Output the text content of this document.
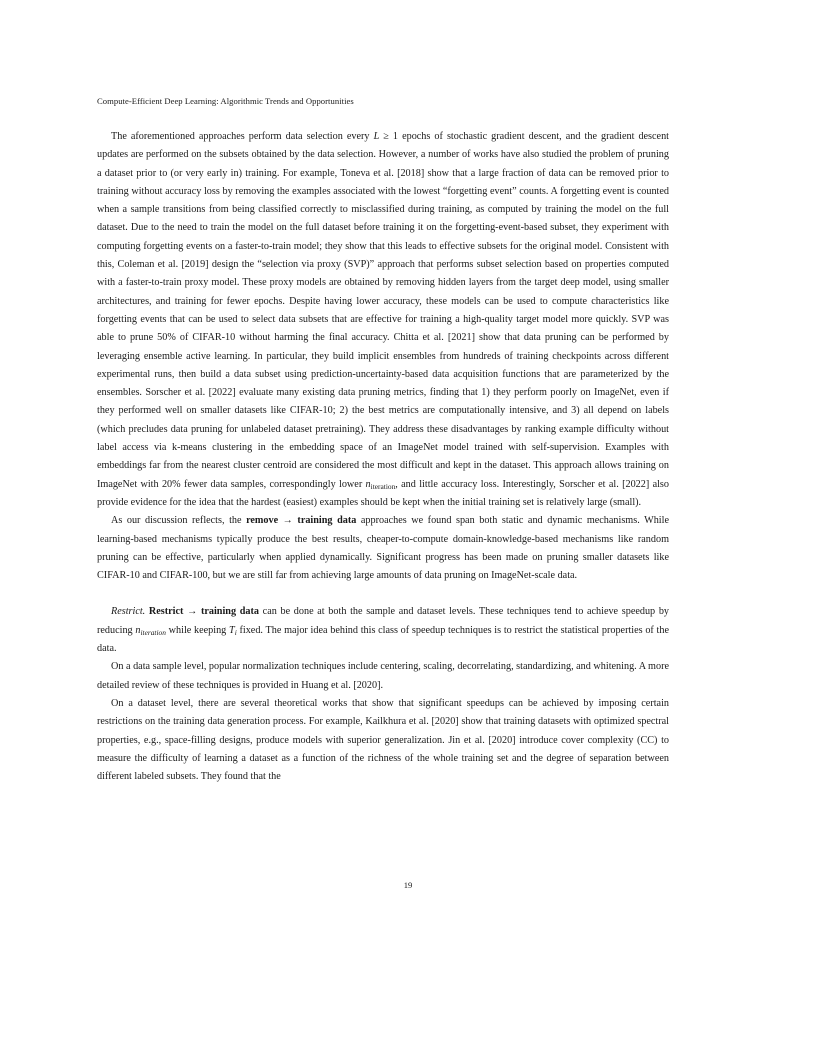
Compute-Efficient Deep Learning: Algorithmic Trends and Opportunities

The aforementioned approaches perform data selection every L ≥ 1 epochs of stochastic gradient descent, and the gradient descent updates are performed on the subsets obtained by the data selection. However, a number of works have also studied the problem of pruning a dataset prior to (or very early in) training. For example, Toneva et al. [2018] show that a large fraction of data can be removed prior to training without accuracy loss by removing the examples associated with the lowest “forgetting event” counts. A forgetting event is counted when a sample transitions from being classified correctly to misclassified during training, as computed by training the model on the full dataset. Due to the need to train the model on the full dataset before training it on the forgetting-event-based subset, they experiment with computing forgetting events on a faster-to-train model; they show that this leads to effective subsets for the original model. Consistent with this, Coleman et al. [2019] design the “selection via proxy (SVP)” approach that performs subset selection based on properties computed with a faster-to-train proxy model. These proxy models are obtained by removing hidden layers from the target deep model, using smaller architectures, and training for fewer epochs. Despite having lower accuracy, these models can be used to compute characteristics like forgetting events that can be used to select data subsets that are effective for training a high-quality target model more quickly. SVP was able to prune 50% of CIFAR-10 without harming the final accuracy. Chitta et al. [2021] show that data pruning can be performed by leveraging ensemble active learning. In particular, they build implicit ensembles from hundreds of training checkpoints across different experimental runs, then build a data subset using prediction-uncertainty-based data acquisition functions that are parameterized by the ensembles. Sorscher et al. [2022] evaluate many existing data pruning metrics, finding that 1) they perform poorly on ImageNet, even if they performed well on smaller datasets like CIFAR-10; 2) the best metrics are computationally intensive, and 3) all depend on labels (which precludes data pruning for unlabeled dataset pretraining). They address these disadvantages by ranking example difficulty without label access via k-means clustering in the embedding space of an ImageNet model trained with self-supervision. Examples with embeddings far from the nearest cluster centroid are considered the most difficult and kept in the dataset. This approach allows training on ImageNet with 20% fewer data samples, correspondingly lower niteration, and little accuracy loss. Interestingly, Sorscher et al. [2022] also provide evidence for the idea that the hardest (easiest) examples should be kept when the initial training set is relatively large (small).

As our discussion reflects, the remove → training data approaches we found span both static and dynamic mechanisms. While learning-based mechanisms typically produce the best results, cheaper-to-compute domain-knowledge-based mechanisms like random pruning can be effective, particularly when applied dynamically. Significant progress has been made on pruning smaller datasets like CIFAR-10 and CIFAR-100, but we are still far from achieving large amounts of data pruning on ImageNet-scale data.

Restrict. Restrict → training data can be done at both the sample and dataset levels. These techniques tend to achieve speedup by reducing niteration while keeping Ti fixed. The major idea behind this class of speedup techniques is to restrict the statistical properties of the data.

On a data sample level, popular normalization techniques include centering, scaling, decorrelating, standardizing, and whitening. A more detailed review of these techniques is provided in Huang et al. [2020].

On a dataset level, there are several theoretical works that show that significant speedups can be achieved by imposing certain restrictions on the training data generation process. For example, Kailkhura et al. [2020] show that training datasets with optimized spectral properties, e.g., space-filling designs, produce models with superior generalization. Jin et al. [2020] introduce cover complexity (CC) to measure the difficulty of learning a dataset as a function of the richness of the whole training set and the degree of separation between different labeled subsets. They found that the

19
